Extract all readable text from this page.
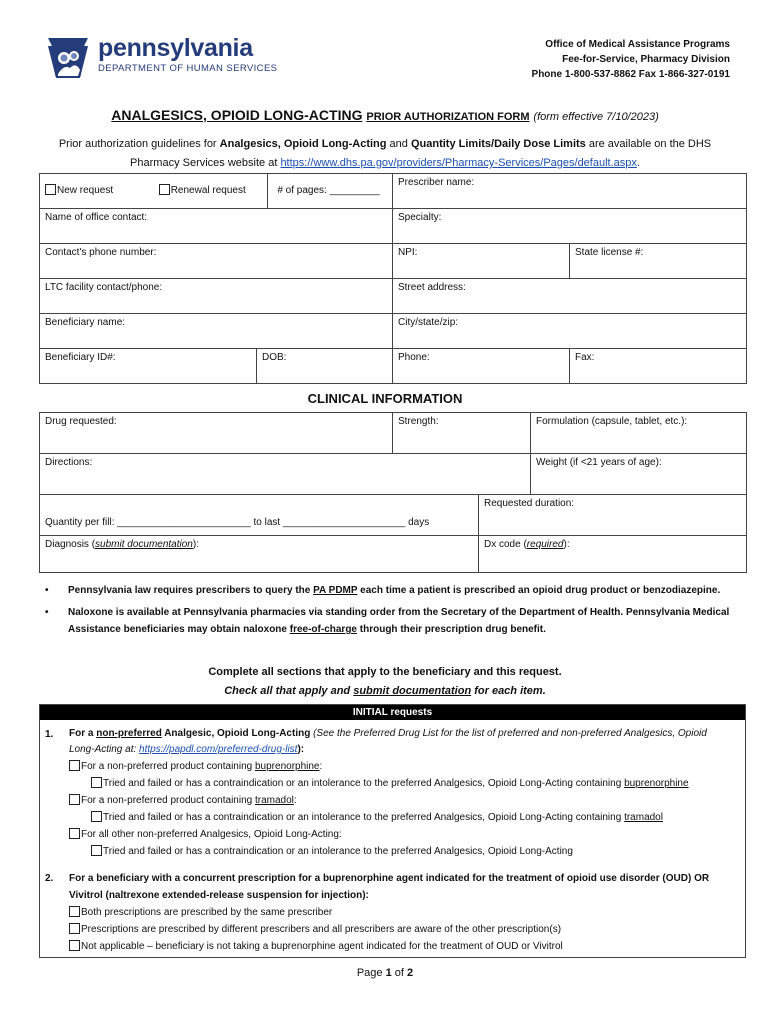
pennsylvania
DEPARTMENT OF HUMAN SERVICES
Office of Medical Assistance Programs
Fee-for-Service, Pharmacy Division
Phone 1-800-537-8862 Fax 1-866-327-0191
ANALGESICS, OPIOID LONG-ACTING PRIOR AUTHORIZATION FORM (form effective 7/10/2023)
Prior authorization guidelines for Analgesics, Opioid Long-Acting and Quantity Limits/Daily Dose Limits are available on the DHS Pharmacy Services website at https://www.dhs.pa.gov/providers/Pharmacy-Services/Pages/default.aspx.
New request Renewal request # of pages: _________		Prescriber name:	
Name of office contact:		Specialty:	
Contact's phone number:		NPI:	State license #:
LTC facility contact/phone:		Street address:	
Beneficiary name:		City/state/zip:	
Beneficiary ID#:	DOB:	Phone:	Fax:
CLINICAL INFORMATION
Drug requested:	Strength:		Formulation (capsule, tablet, etc.):
Directions:			Weight (if <21 years of age):
Quantity per fill: ________________________ to last ______________________ days		Requested duration:	
Diagnosis (submit documentation):		Dx code (required):	
•	Pennsylvania law requires prescribers to query the PA PDMP each time a patient is prescribed an opioid drug product or benzodiazepine.
•	Naloxone is available at Pennsylvania pharmacies via standing order from the Secretary of the Department of Health. Pennsylvania Medical Assistance beneficiaries may obtain naloxone free-of-charge through their prescription drug benefit.
Complete all sections that apply to the beneficiary and this request.
Check all that apply and submit documentation for each item.
INITIAL requests
1. For a non-preferred Analgesic, Opioid Long-Acting (See the Preferred Drug List for the list of preferred and non-preferred Analgesics, Opioid Long-Acting at: https://papdl.com/preferred-drug-list):
For a non-preferred product containing buprenorphine:
Tried and failed or has a contraindication or an intolerance to the preferred Analgesics, Opioid Long-Acting containing buprenorphine
For a non-preferred product containing tramadol:
Tried and failed or has a contraindication or an intolerance to the preferred Analgesics, Opioid Long-Acting containing tramadol
For all other non-preferred Analgesics, Opioid Long-Acting:
Tried and failed or has a contraindication or an intolerance to the preferred Analgesics, Opioid Long-Acting
2. For a beneficiary with a concurrent prescription for a buprenorphine agent indicated for the treatment of opioid use disorder (OUD) OR Vivitrol (naltrexone extended-release suspension for injection):
Both prescriptions are prescribed by the same prescriber
Prescriptions are prescribed by different prescribers and all prescribers are aware of the other prescription(s)
Not applicable – beneficiary is not taking a buprenorphine agent indicated for the treatment of OUD or Vivitrol
Page 1 of 2
